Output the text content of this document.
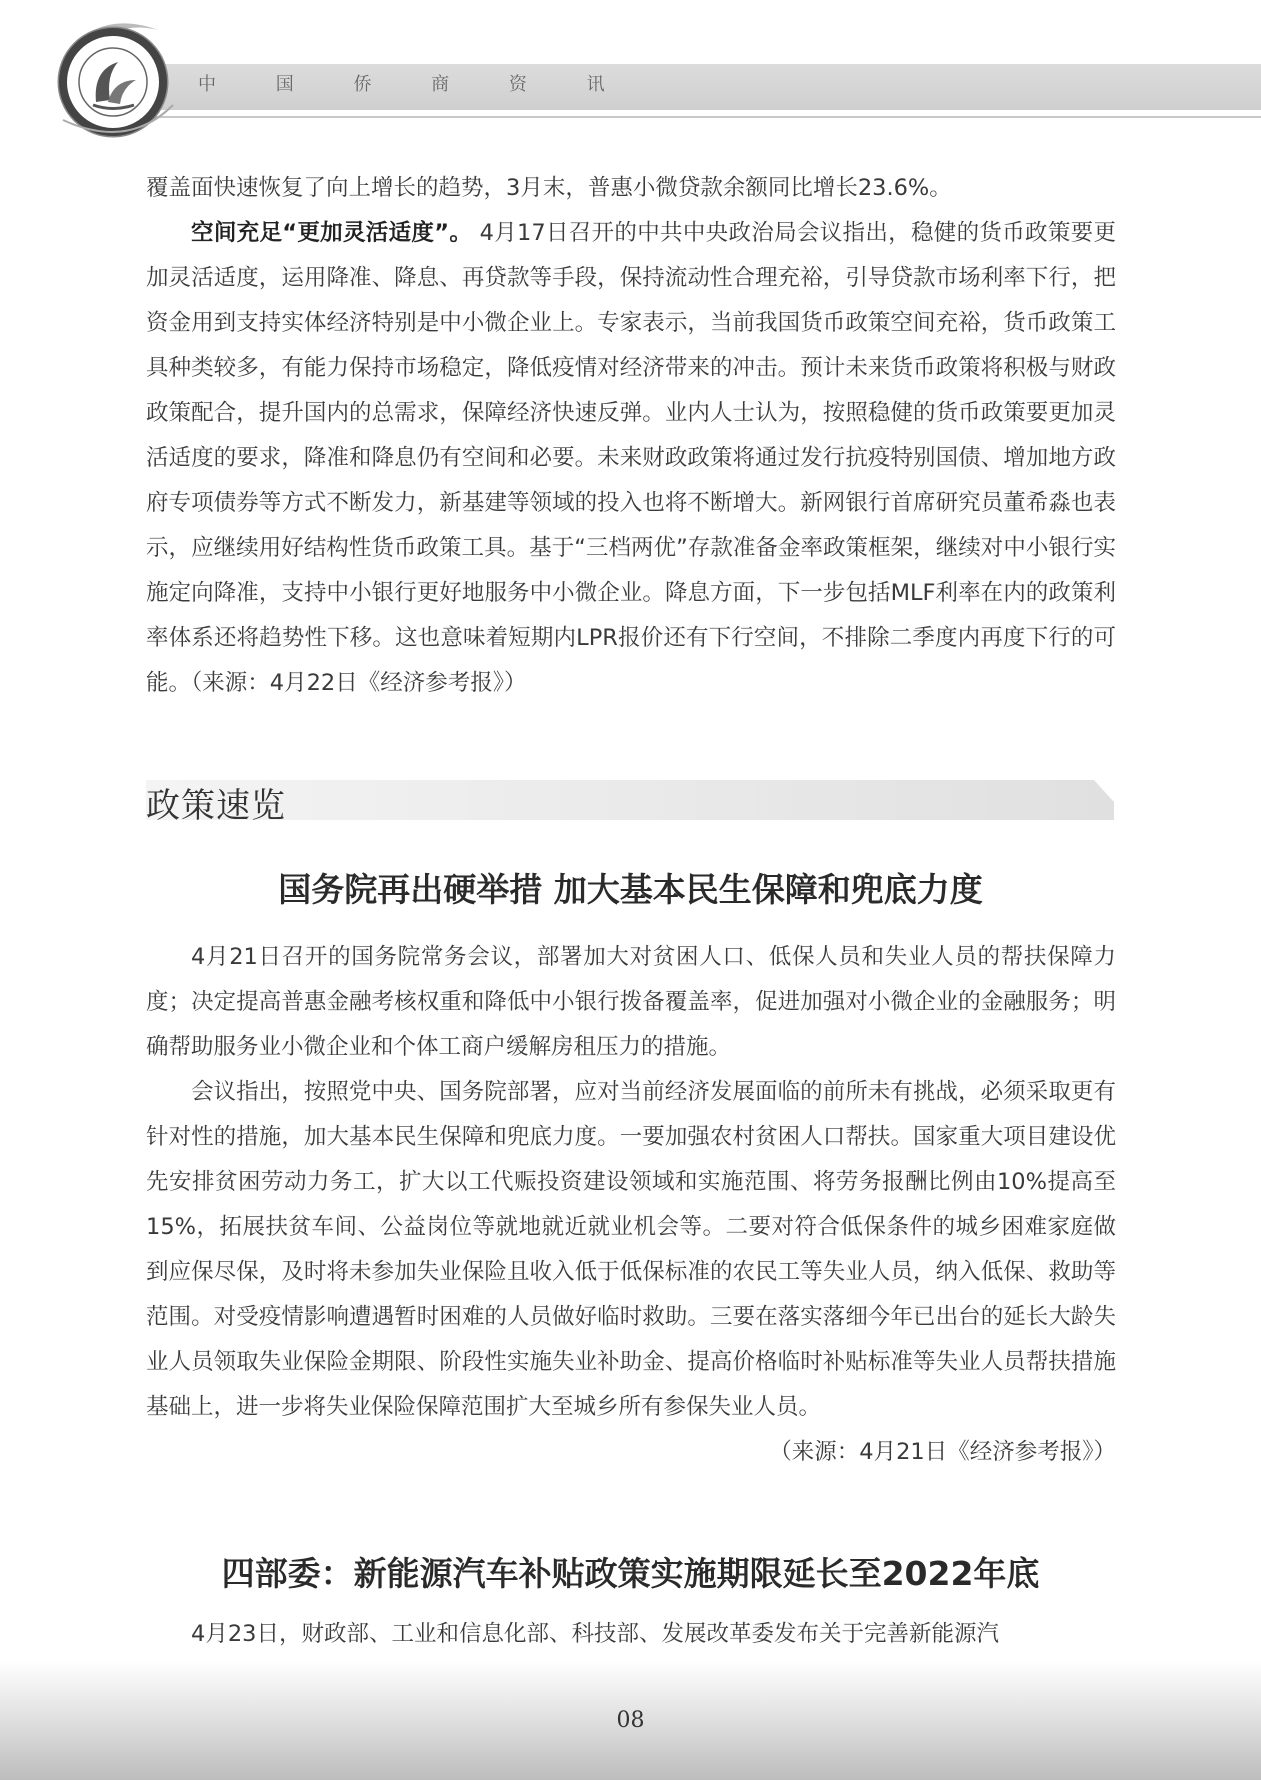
中 国 侨 商 资 讯

覆盖面快速恢复了向上增长的趋势，3月末，普惠小微贷款余额同比增长23.6%。

空间充足“更加灵活适度”。 4月17日召开的中共中央政治局会议指出，稳健的货币政策要更加灵活适度，运用降准、降息、再贷款等手段，保持流动性合理充裕，引导贷款市场利率下行，把资金用到支持实体经济特别是中小微企业上。专家表示，当前我国货币政策空间充裕，货币政策工具种类较多，有能力保持市场稳定，降低疫情对经济带来的冲击。预计未来货币政策将积极与财政政策配合，提升国内的总需求，保障经济快速反弹。业内人士认为，按照稳健的货币政策要更加灵活适度的要求，降准和降息仍有空间和必要。未来财政政策将通过发行抗疫特别国债、增加地方政府专项债券等方式不断发力，新基建等领域的投入也将不断增大。新网银行首席研究员董希淼也表示，应继续用好结构性货币政策工具。基于“三档两优”存款准备金率政策框架，继续对中小银行实施定向降准，支持中小银行更好地服务中小微企业。降息方面，下一步包括MLF利率在内的政策利率体系还将趋势性下移。这也意味着短期内LPR报价还有下行空间，不排除二季度内再度下行的可能。（来源：4月22日《经济参考报》）

政策速览
国务院再出硬举措 加大基本民生保障和兜底力度

4月21日召开的国务院常务会议，部署加大对贫困人口、低保人员和失业人员的帮扶保障力度；决定提高普惠金融考核权重和降低中小银行拨备覆盖率，促进加强对小微企业的金融服务；明确帮助服务业小微企业和个体工商户缓解房租压力的措施。

会议指出，按照党中央、国务院部署，应对当前经济发展面临的前所未有挑战，必须采取更有针对性的措施，加大基本民生保障和兜底力度。一要加强农村贫困人口帮扶。国家重大项目建设优先安排贫困劳动力务工，扩大以工代赈投资建设领域和实施范围、将劳务报酬比例由10%提高至15%，拓展扶贫车间、公益岗位等就地就近就业机会等。二要对符合低保条件的城乡困难家庭做到应保尽保，及时将未参加失业保险且收入低于低保标准的农民工等失业人员，纳入低保、救助等范围。对受疫情影响遭遇暂时困难的人员做好临时救助。三要在落实落细今年已出台的延长大龄失业人员领取失业保险金期限、阶段性实施失业补助金、提高价格临时补贴标准等失业人员帮扶措施基础上，进一步将失业保险保障范围扩大至城乡所有参保失业人员。
（来源：4月21日《经济参考报》）

四部委：新能源汽车补贴政策实施期限延长至2022年底

4月23日，财政部、工业和信息化部、科技部、发展改革委发布关于完善新能源汽

08
